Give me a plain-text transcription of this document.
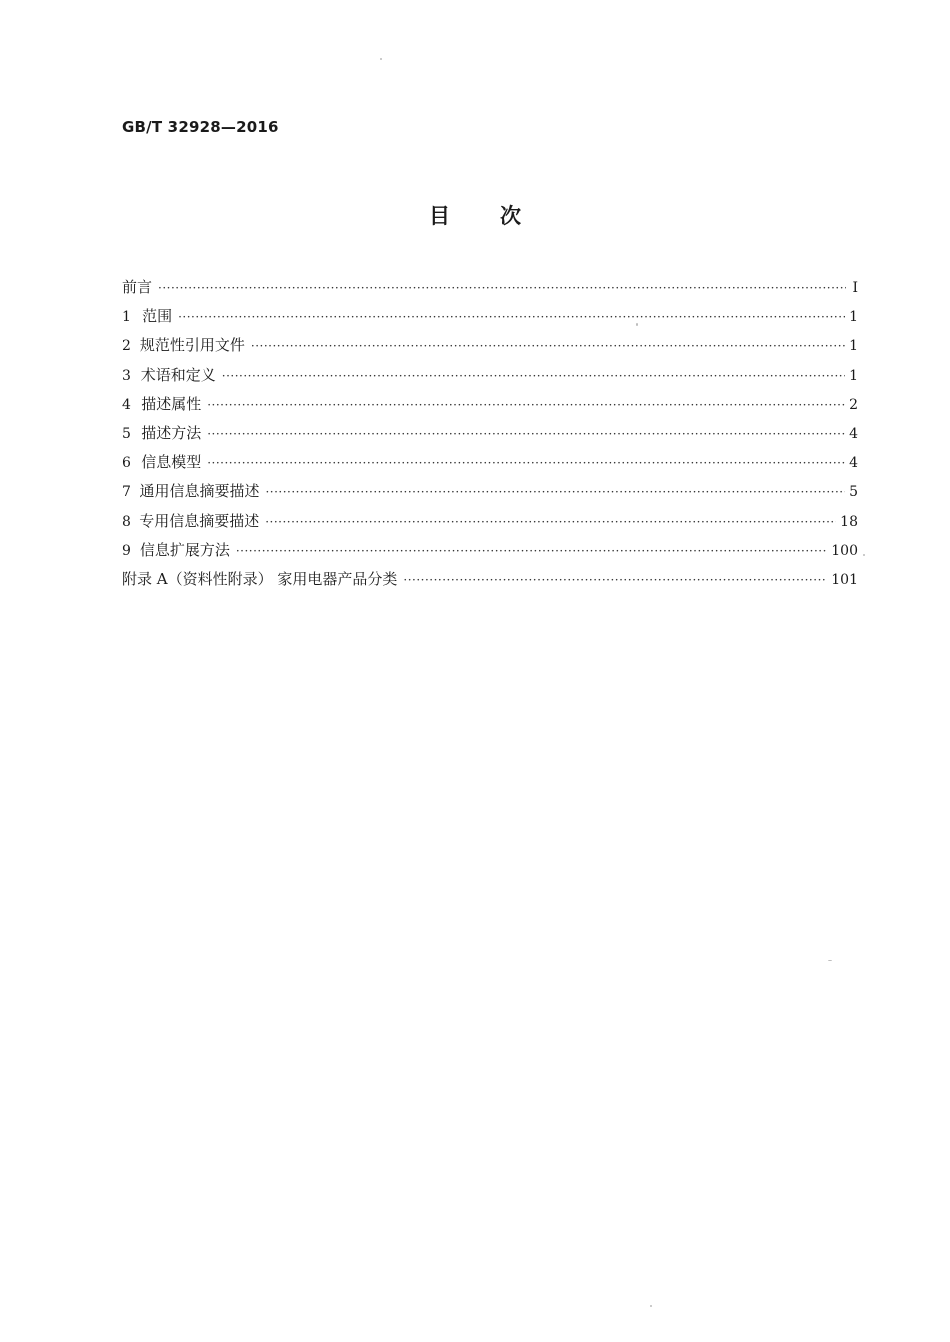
GB/T 32928—2016
目次
前言 ·····	I
1 范围 ·····	1
2 规范性引用文件 ·····	1
3 术语和定义 ·····	1
4 描述属性 ·····	2
5 描述方法 ·····	4
6 信息模型 ·····	4
7 通用信息摘要描述 ·····	5
8 专用信息摘要描述 ·····	18
9 信息扩展方法 ·····	100
附录 A（资料性附录） 家用电器产品分类 ·····	101
